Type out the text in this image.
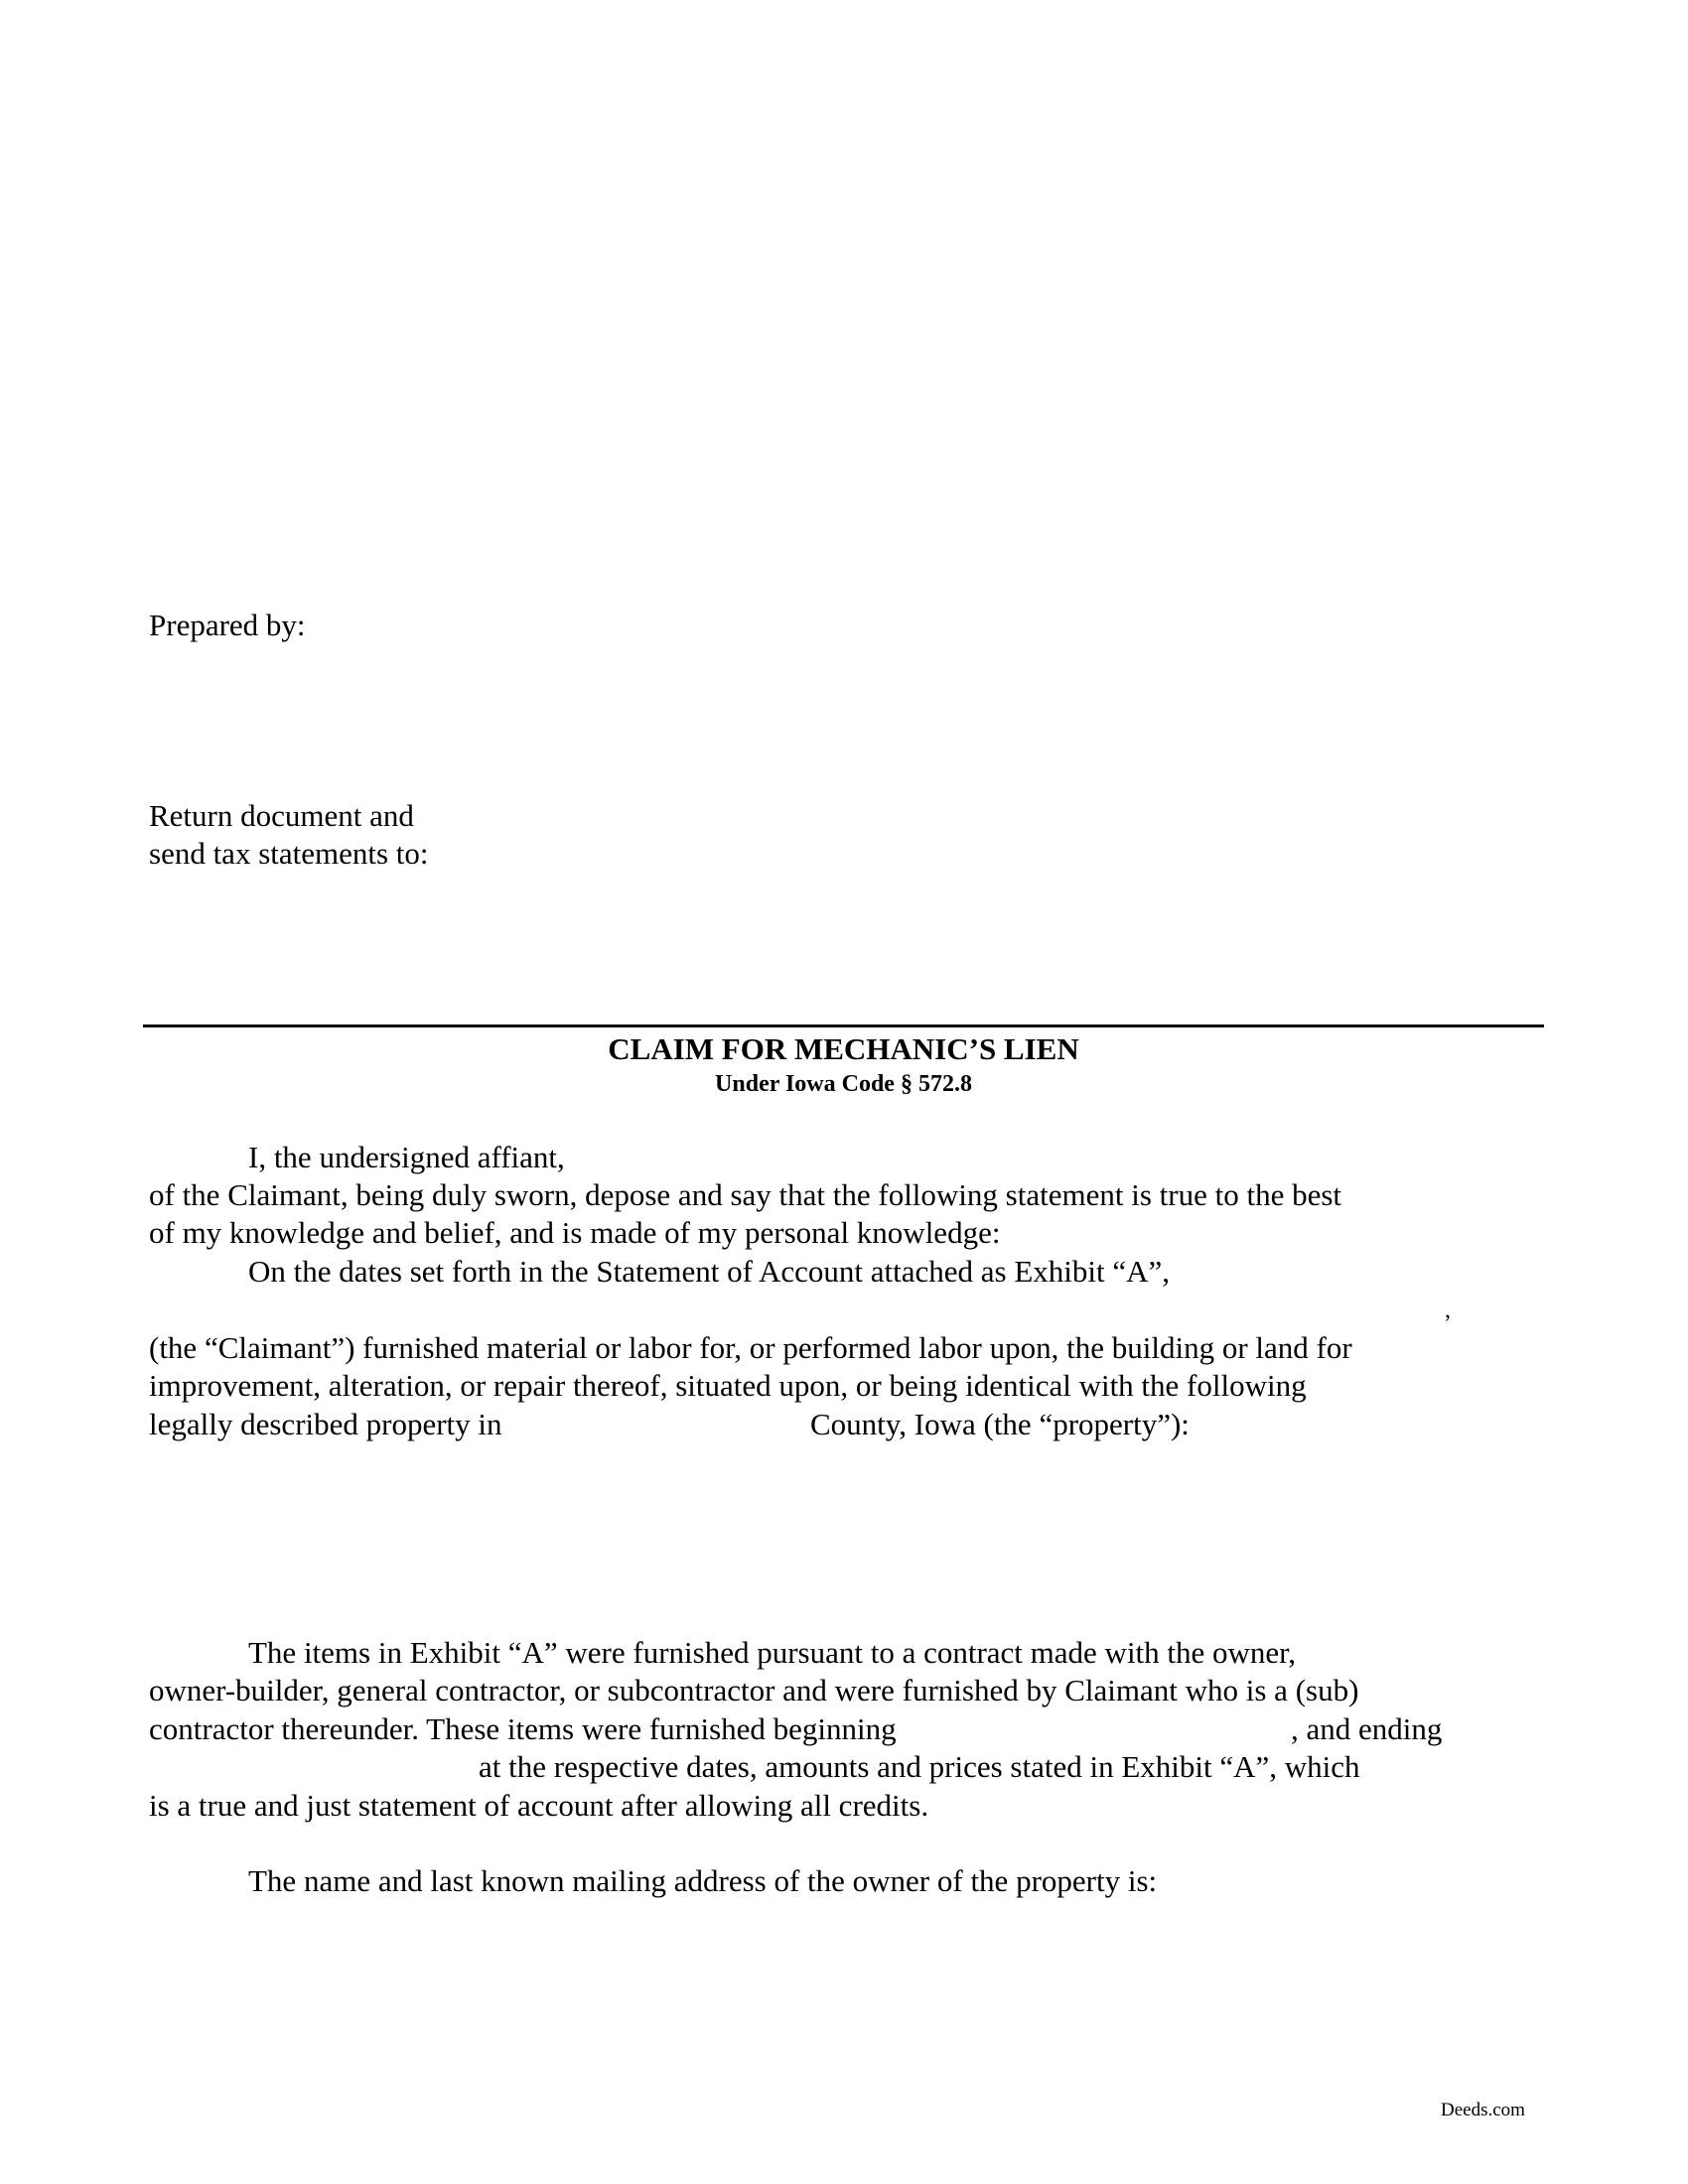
Prepared by:
Return document and
send tax statements to:
CLAIM FOR MECHANIC’S LIEN
Under Iowa Code § 572.8
I, the undersigned affiant,
of the Claimant, being duly sworn, depose and say that the following statement is true to the best
of my knowledge and belief, and is made of my personal knowledge:
On the dates set forth in the Statement of Account attached as Exhibit “A”,
,
(the “Claimant”) furnished material or labor for, or performed labor upon, the building or land for
improvement, alteration, or repair thereof, situated upon, or being identical with the following
legally described property in	County, Iowa (the “property”):
The items in Exhibit “A” were furnished pursuant to a contract made with the owner,
owner-builder, general contractor, or subcontractor and were furnished by Claimant who is a (sub)
contractor thereunder. These items were furnished beginning	, and ending
at the respective dates, amounts and prices stated in Exhibit “A”, which
is a true and just statement of account after allowing all credits.
The name and last known mailing address of the owner of the property is:
Deeds.com
